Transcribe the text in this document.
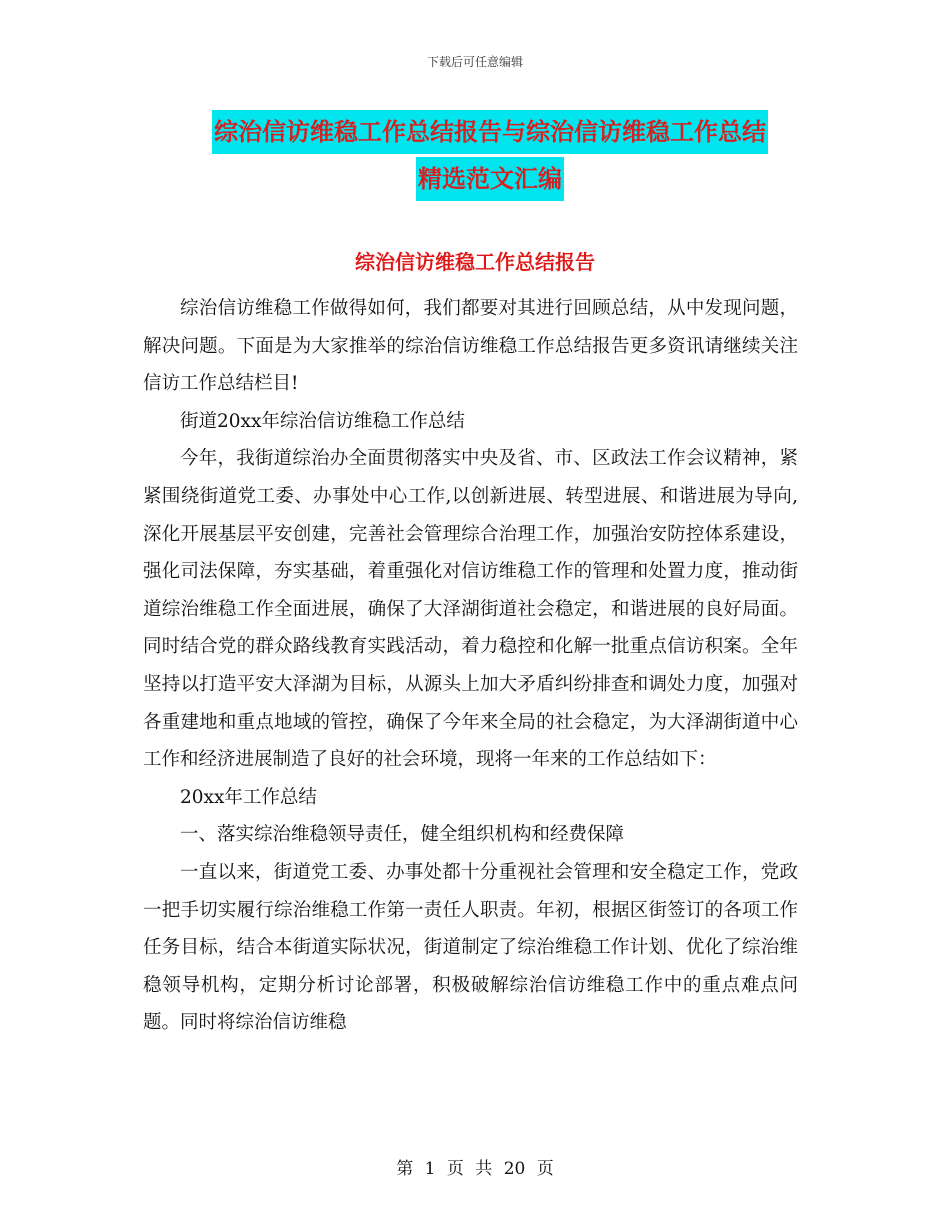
下载后可任意编辑
综治信访维稳工作总结报告与综治信访维稳工作总结
精选范文汇编
综治信访维稳工作总结报告

综治信访维稳工作做得如何，我们都要对其进行回顾总结，从中发现问题，解决问题。下面是为大家推举的综治信访维稳工作总结报告更多资讯请继续关注信访工作总结栏目!

街道20xx年综治信访维稳工作总结

今年，我街道综治办全面贯彻落实中央及省、市、区政法工作会议精神，紧紧围绕街道党工委、办事处中心工作,以创新进展、转型进展、和谐进展为导向,深化开展基层平安创建，完善社会管理综合治理工作，加强治安防控体系建设，强化司法保障，夯实基础，着重强化对信访维稳工作的管理和处置力度，推动街道综治维稳工作全面进展，确保了大泽湖街道社会稳定，和谐进展的良好局面。同时结合党的群众路线教育实践活动，着力稳控和化解一批重点信访积案。全年坚持以打造平安大泽湖为目标，从源头上加大矛盾纠纷排查和调处力度，加强对各重建地和重点地域的管控，确保了今年来全局的社会稳定，为大泽湖街道中心工作和经济进展制造了良好的社会环境，现将一年来的工作总结如下：

20xx年工作总结

一、落实综治维稳领导责任，健全组织机构和经费保障

一直以来，街道党工委、办事处都十分重视社会管理和安全稳定工作，党政一把手切实履行综治维稳工作第一责任人职责。年初，根据区街签订的各项工作任务目标，结合本街道实际状况，街道制定了综治维稳工作计划、优化了综治维稳领导机构，定期分析讨论部署，积极破解综治信访维稳工作中的重点难点问题。同时将综治信访维稳

第 1 页 共 20 页
